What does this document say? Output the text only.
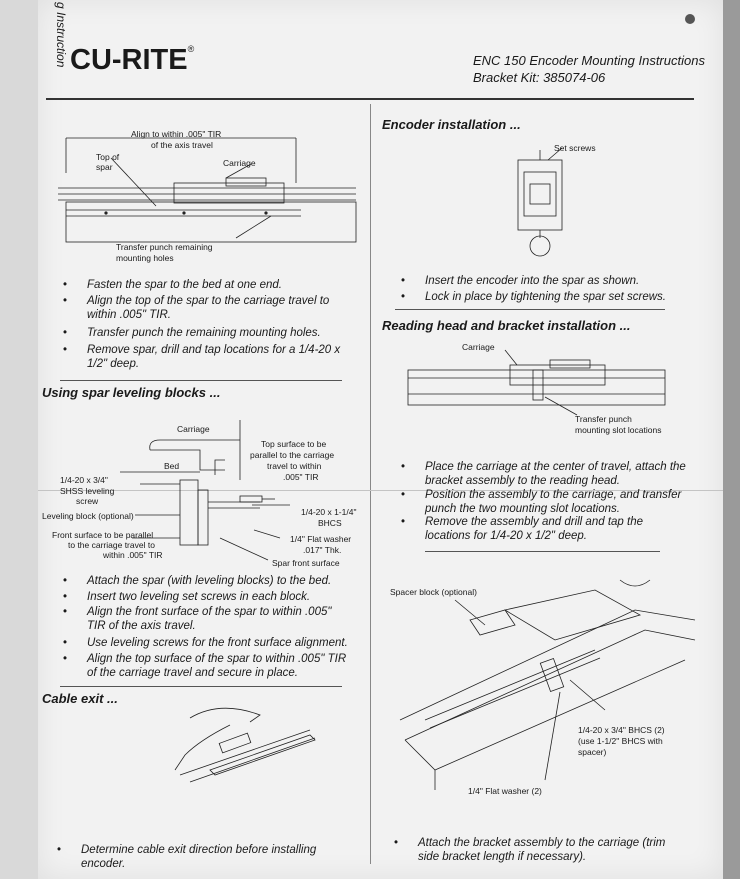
g Instruction CU-RITE®
ENC 150 Encoder Mounting Instructions
Bracket Kit: 385074-06
Align to within .005" TIR
of the axis travel
Top of
spar	Carriage
Transfer punch remaining
mounting holes
• Fasten the spar to the bed at one end.
• Align the top of the spar to the carriage travel to within .005" TIR.
• Transfer punch the remaining mounting holes.
• Remove spar, drill and tap locations for a 1/4-20 x 1/2" deep.
Using spar leveling blocks ...
Carriage
Bed
Top surface to be
parallel to the carriage
travel to within
.005" TIR
1/4-20 x 3/4"
SHSS leveling
screw
Leveling block (optional)
Front surface to be parallel
to the carriage travel to
within .005" TIR
1/4-20 x 1-1/4"
BHCS
1/4" Flat washer
.017" Thk.
Spar front surface
• Attach the spar (with leveling blocks) to the bed.
• Insert two leveling set screws in each block.
• Align the front surface of the spar to within .005" TIR of the axis travel.
• Use leveling screws for the front surface alignment.
• Align the top surface of the spar to within .005" TIR of the carriage travel and secure in place.
Cable exit ...
• Determine cable exit direction before installing encoder.
Encoder installation ...
Set screws
• Insert the encoder into the spar as shown.
• Lock in place by tightening the spar set screws.
Reading head and bracket installation ...
Carriage
Transfer punch
mounting slot locations
• Place the carriage at the center of travel, attach the bracket assembly to the reading head.
• Position the assembly to the carriage, and transfer punch the two mounting slot locations.
• Remove the assembly and drill and tap the locations for 1/4-20 x 1/2" deep.
Spacer block (optional)
1/4-20 x 3/4" BHCS (2)
(use 1-1/2" BHCS with
spacer)
1/4" Flat washer (2)
• Attach the bracket assembly to the carriage (trim side bracket length if necessary).
